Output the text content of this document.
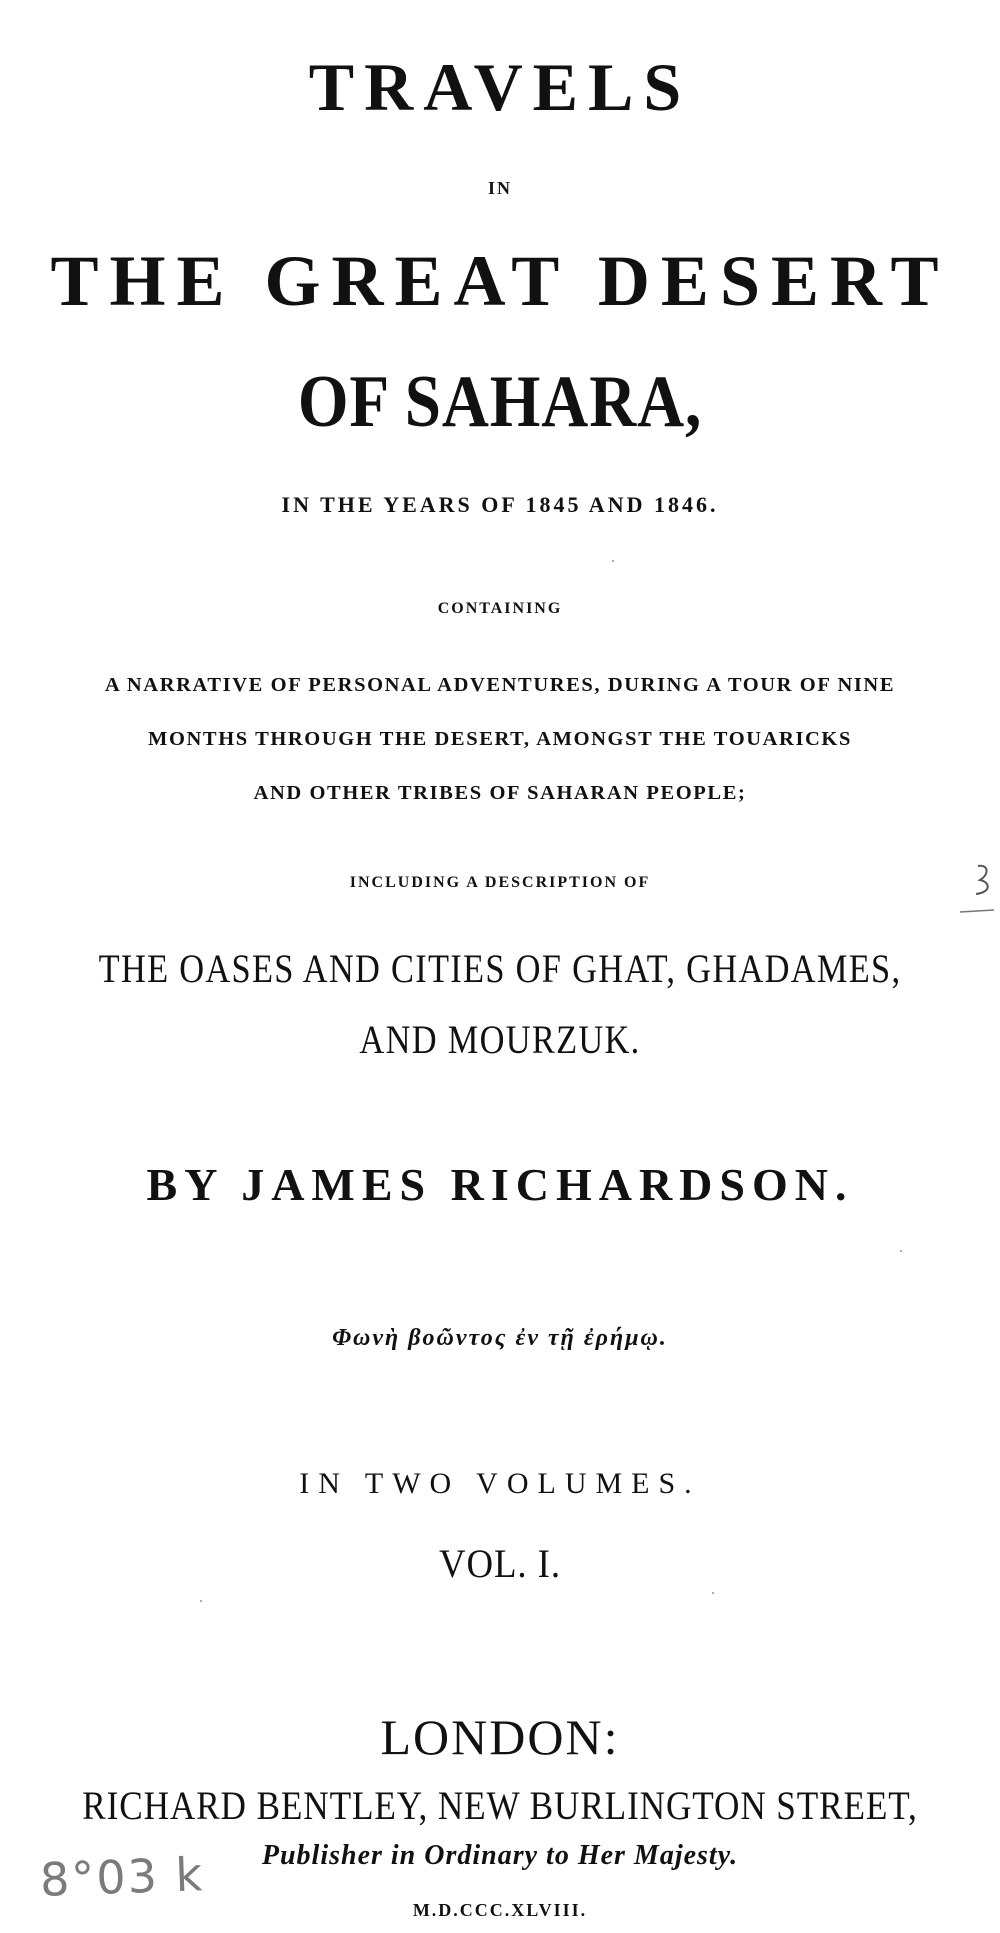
TRAVELS

IN

THE GREAT DESERT

OF SAHARA,

IN THE YEARS OF 1845 AND 1846.

CONTAINING

A NARRATIVE OF PERSONAL ADVENTURES, DURING A TOUR OF NINE

MONTHS THROUGH THE DESERT, AMONGST THE TOUARICKS

AND OTHER TRIBES OF SAHARAN PEOPLE;

INCLUDING A DESCRIPTION OF

THE OASES AND CITIES OF GHAT, GHADAMES,

AND MOURZUK.

BY JAMES RICHARDSON.

Φωνὴ βοῶντος ἐν τῇ ἐρήμῳ.

IN TWO VOLUMES.

VOL. I.

LONDON:

RICHARD BENTLEY, NEW BURLINGTON STREET,

Publisher in Ordinary to Her Majesty.

M.D.CCC.XLVIII.

8°03 k
